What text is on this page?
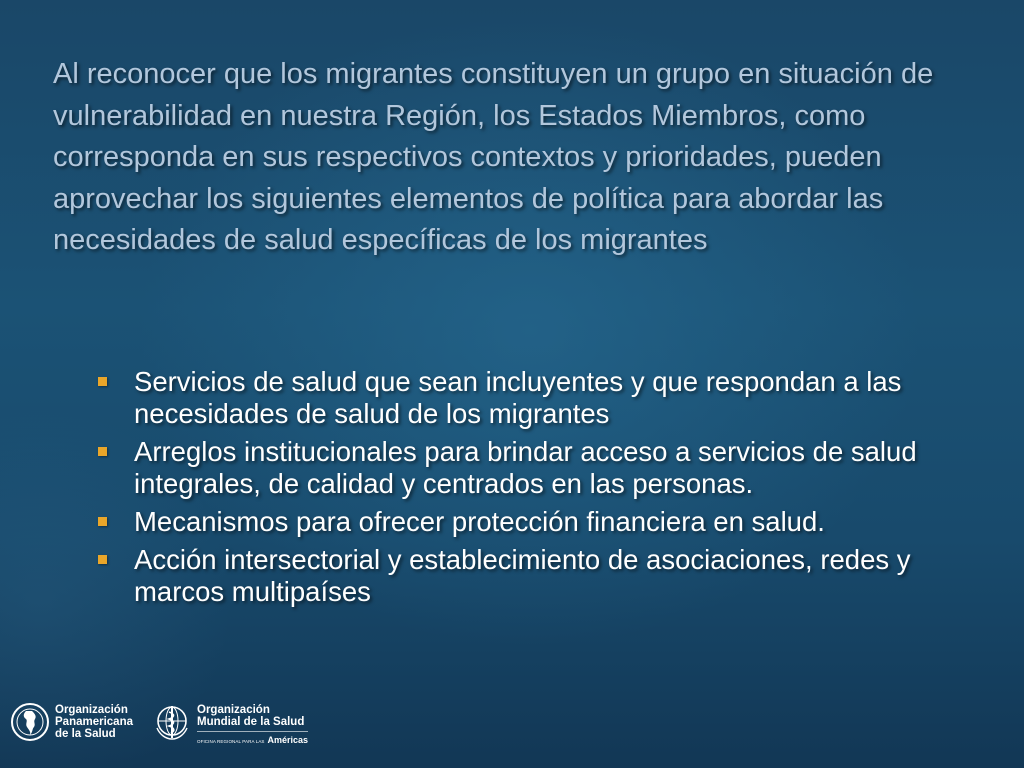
Al reconocer que los migrantes constituyen un grupo en situación de vulnerabilidad en nuestra Región, los Estados Miembros, como corresponda en sus respectivos contextos y prioridades, pueden aprovechar los siguientes elementos de política para abordar las necesidades de salud específicas de los migrantes

Servicios de salud que sean incluyentes y que respondan a las necesidades de salud de los migrantes
Arreglos institucionales para brindar acceso a servicios de salud integrales, de calidad y centrados en las personas.
Mecanismos para ofrecer protección financiera en salud.
Acción intersectorial y establecimiento de asociaciones, redes y marcos multipaíses
Organización
Panamericana
de la Salud
Organización
Mundial de la Salud
OFICINA REGIONAL PARA LAS Américas
